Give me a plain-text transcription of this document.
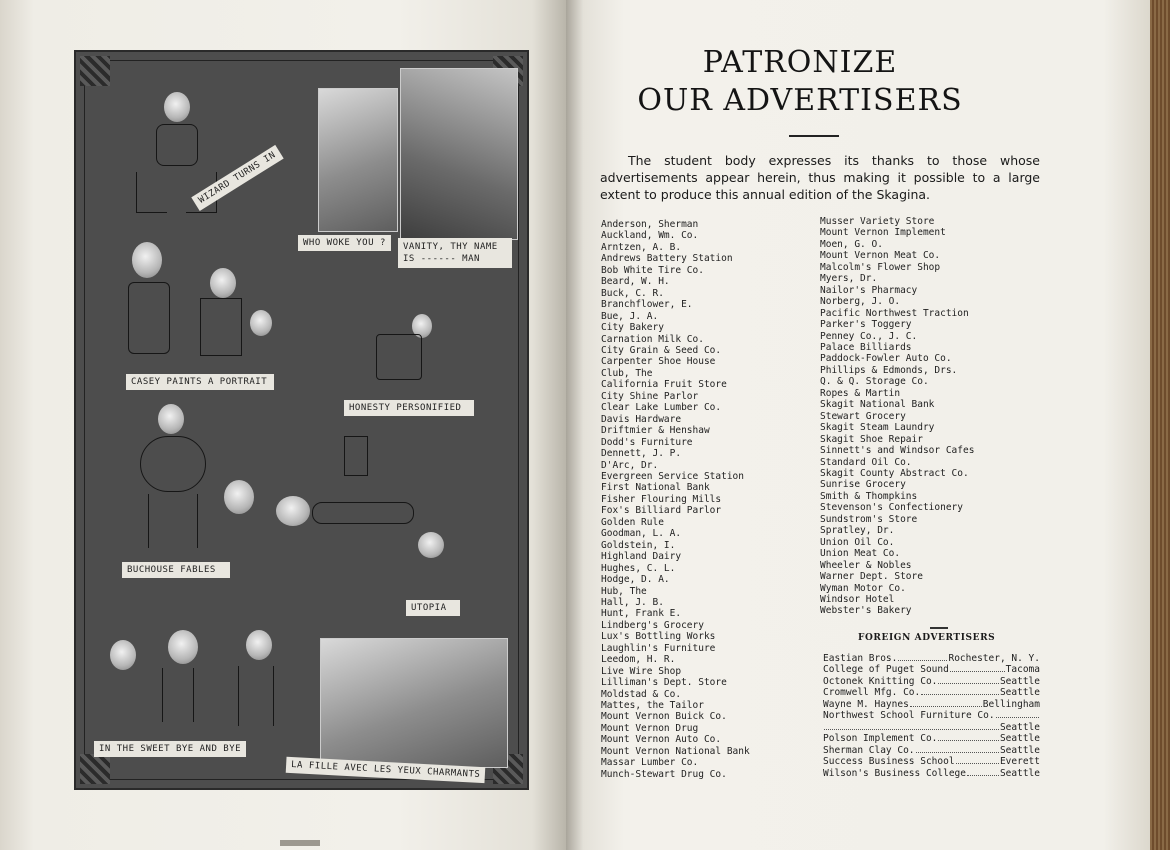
WIZARD TURNS IN
WHO WOKE YOU ?	VANITY, THY NAME IS ------ MAN
CASEY PAINTS A PORTRAIT
HONESTY PERSONIFIED
BUCHOUSE FABLES
UTOPIA
IN THE SWEET BYE AND BYE
LA FILLE AVEC LES YEUX CHARMANTS
PATRONIZE
OUR ADVERTISERS

The student body expresses its thanks to those whose advertisements appear herein, thus making it possible to a large extent to produce this annual edition of the Skagina.

Anderson, Sherman
Auckland, Wm. Co.
Arntzen, A. B.
Andrews Battery Station
Bob White Tire Co.
Beard, W. H.
Buck, C. R.
Branchflower, E.
Bue, J. A.
City Bakery
Carnation Milk Co.
City Grain & Seed Co.
Carpenter Shoe House
Club, The
California Fruit Store
City Shine Parlor
Clear Lake Lumber Co.
Davis Hardware
Driftmier & Henshaw
Dodd's Furniture
Dennett, J. P.
D'Arc, Dr.
Evergreen Service Station
First National Bank
Fisher Flouring Mills
Fox's Billiard Parlor
Golden Rule
Goodman, L. A.
Goldstein, I.
Highland Dairy
Hughes, C. L.
Hodge, D. A.
Hub, The
Hall, J. B.
Hunt, Frank E.
Lindberg's Grocery
Lux's Bottling Works
Laughlin's Furniture
Leedom, H. R.
Live Wire Shop
Lilliman's Dept. Store
Moldstad & Co.
Mattes, the Tailor
Mount Vernon Buick Co.
Mount Vernon Drug
Mount Vernon Auto Co.
Mount Vernon National Bank
Massar Lumber Co.
Munch-Stewart Drug Co.
Musser Variety Store
Mount Vernon Implement
Moen, G. O.
Mount Vernon Meat Co.
Malcolm's Flower Shop
Myers, Dr.
Nailor's Pharmacy
Norberg, J. O.
Pacific Northwest Traction
Parker's Toggery
Penney Co., J. C.
Palace Billiards
Paddock-Fowler Auto Co.
Phillips & Edmonds, Drs.
Q. & Q. Storage Co.
Ropes & Martin
Skagit National Bank
Stewart Grocery
Skagit Steam Laundry
Skagit Shoe Repair
Sinnett's and Windsor Cafes
Standard Oil Co.
Skagit County Abstract Co.
Sunrise Grocery
Smith & Thompkins
Stevenson's Confectionery
Sundstrom's Store
Spratley, Dr.
Union Oil Co.
Union Meat Co.
Wheeler & Nobles
Warner Dept. Store
Wyman Motor Co.
Windsor Hotel
Webster's Bakery
FOREIGN ADVERTISERS
Eastian Bros.	Rochester, N. Y.
College of Puget Sound	Tacoma
Octonek Knitting Co.	Seattle
Cromwell Mfg. Co.	Seattle
Wayne M. Haynes	Bellingham
Northwest School Furniture Co.
Seattle
Polson Implement Co.	Seattle
Sherman Clay Co.	Seattle
Success Business School	Everett
Wilson's Business College	Seattle
